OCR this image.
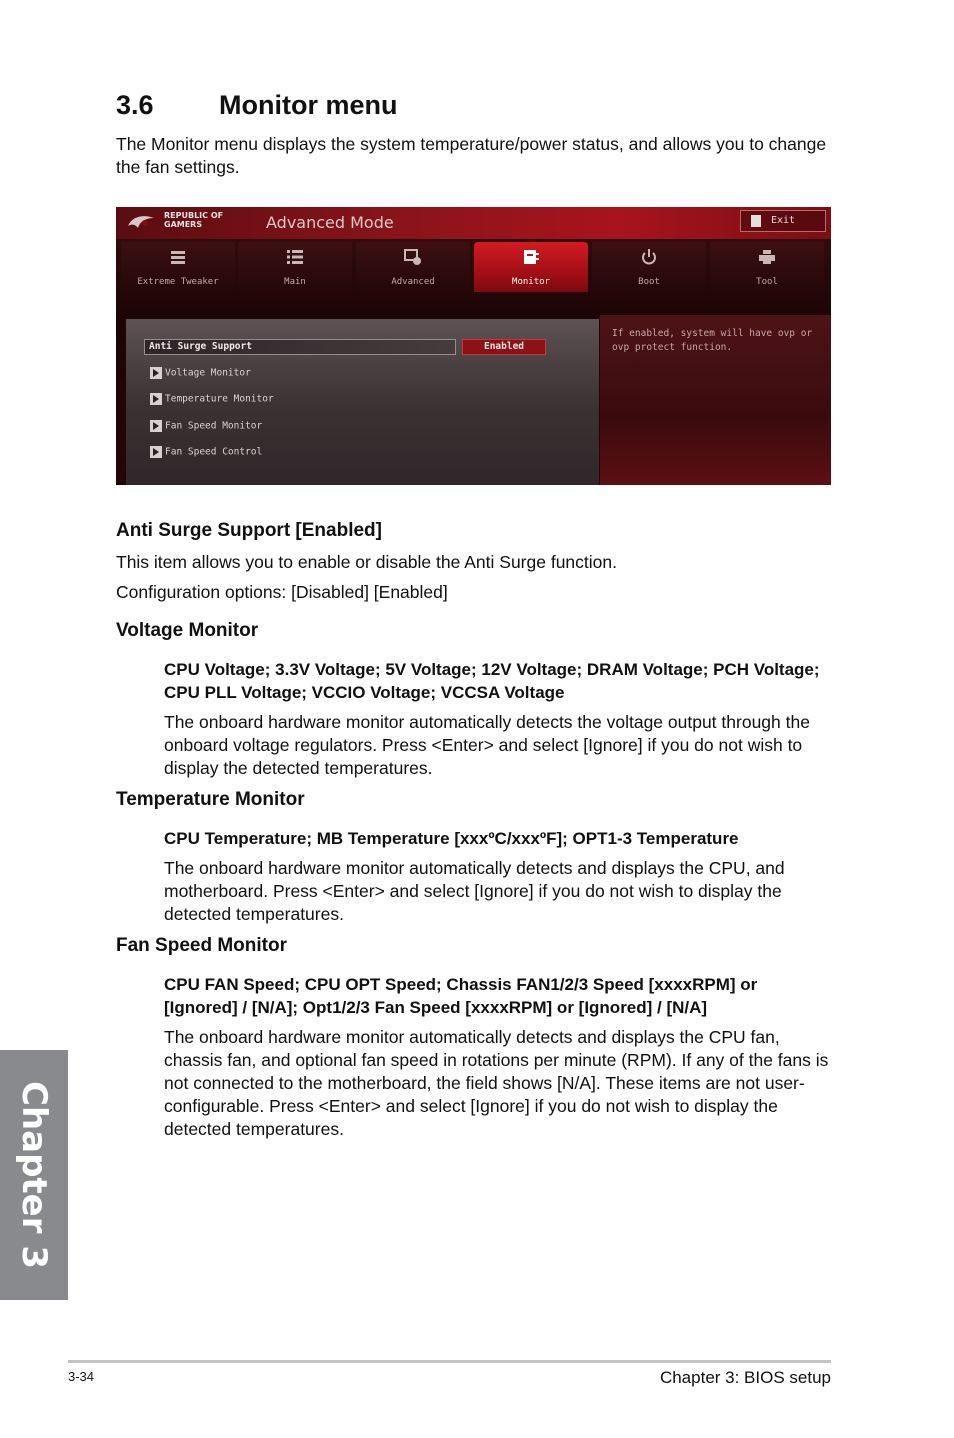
3.6 Monitor menu

The Monitor menu displays the system temperature/power status, and allows you to change the fan settings.

REPUBLIC OF
GAMERS	Advanced Mode	Exit
Extreme Tweaker	Main	Advanced	Monitor	Boot	Tool
If enabled, system will have ovp or ovp protect function.
Anti Surge Support	Enabled
Voltage Monitor
Temperature Monitor
Fan Speed Monitor
Fan Speed Control
Anti Surge Support [Enabled]

This item allows you to enable or disable the Anti Surge function.

Configuration options: [Disabled] [Enabled]

Voltage Monitor

CPU Voltage; 3.3V Voltage; 5V Voltage; 12V Voltage; DRAM Voltage; PCH Voltage; CPU PLL Voltage; VCCIO Voltage; VCCSA Voltage

The onboard hardware monitor automatically detects the voltage output through the onboard voltage regulators. Press <Enter> and select [Ignore] if you do not wish to display the detected temperatures.

Temperature Monitor

CPU Temperature; MB Temperature [xxxºC/xxxºF]; OPT1-3 Temperature

The onboard hardware monitor automatically detects and displays the CPU, and motherboard. Press <Enter> and select [Ignore] if you do not wish to display the detected temperatures.

Fan Speed Monitor

CPU FAN Speed; CPU OPT Speed; Chassis FAN1/2/3 Speed [xxxxRPM] or [Ignored] / [N/A]; Opt1/2/3 Fan Speed [xxxxRPM] or [Ignored] / [N/A]

The onboard hardware monitor automatically detects and displays the CPU fan, chassis fan, and optional fan speed in rotations per minute (RPM). If any of the fans is not connected to the motherboard, the field shows [N/A]. These items are not user-configurable. Press <Enter> and select [Ignore] if you do not wish to display the detected temperatures.

Chapter 3
3-34	Chapter 3: BIOS setup
